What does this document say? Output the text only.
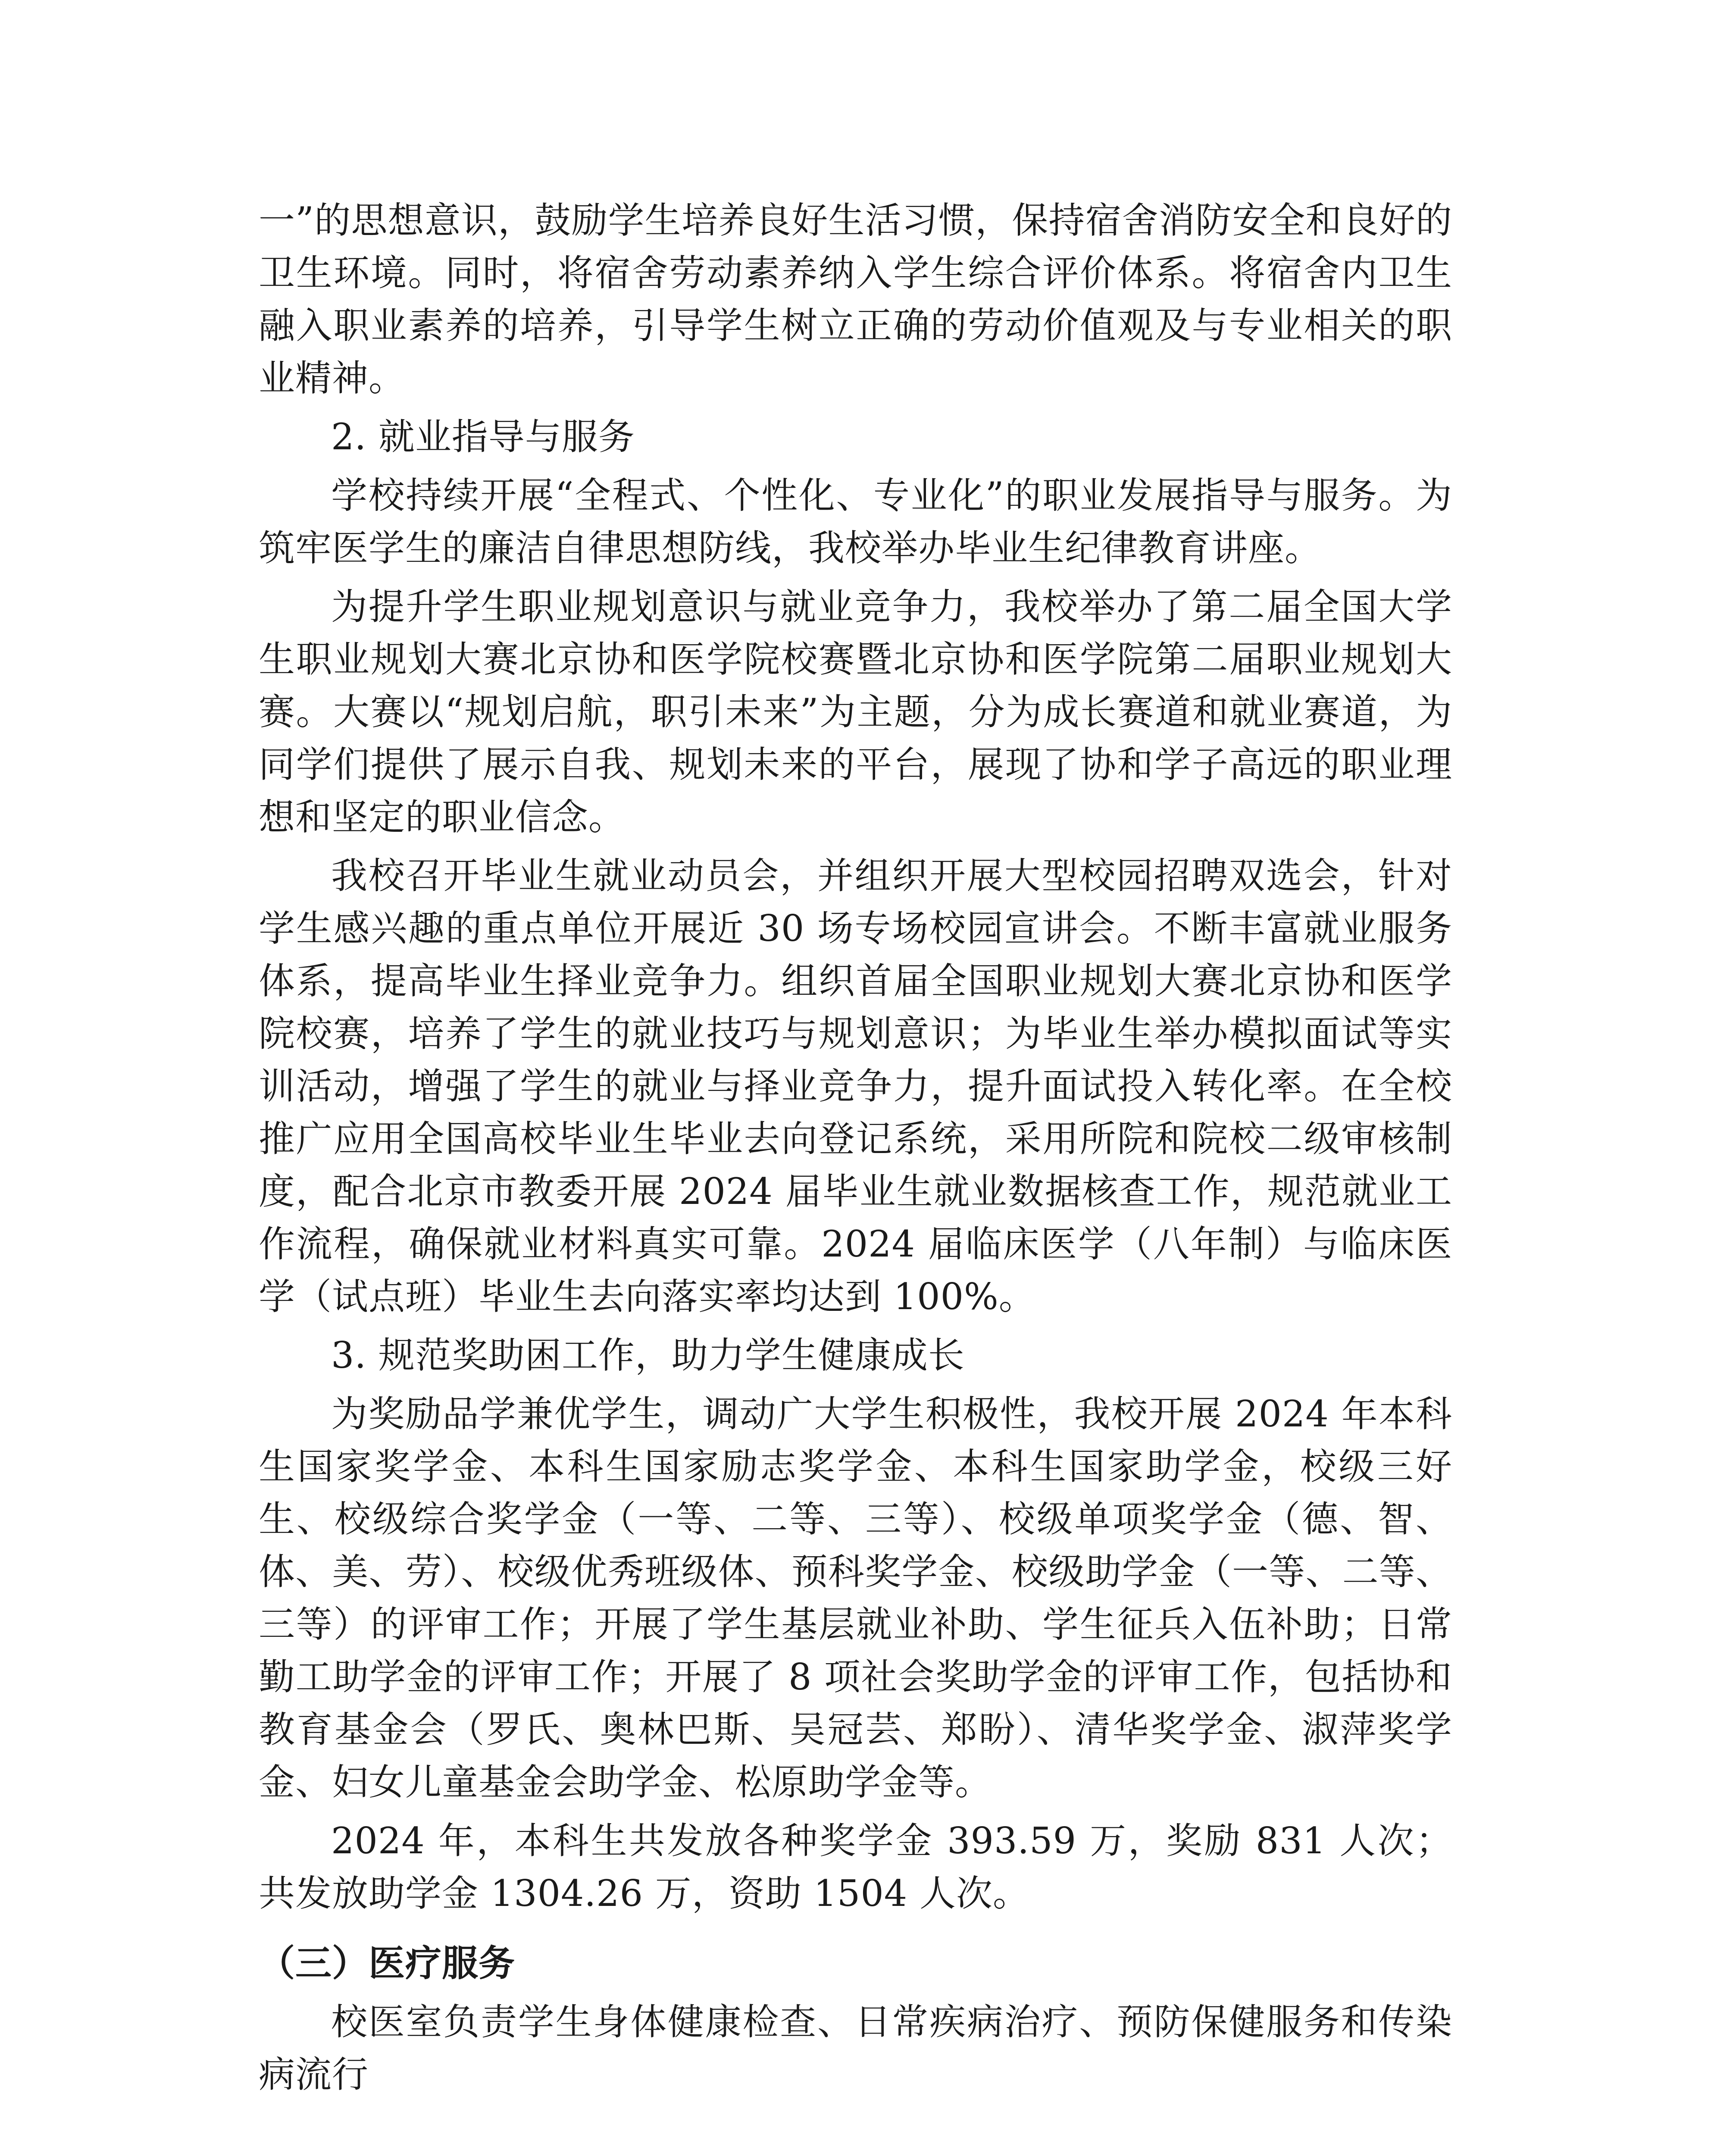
一”的思想意识，鼓励学生培养良好生活习惯，保持宿舍消防安全和良好的卫生环境。同时，将宿舍劳动素养纳入学生综合评价体系。将宿舍内卫生融入职业素养的培养，引导学生树立正确的劳动价值观及与专业相关的职业精神。

2. 就业指导与服务

学校持续开展“全程式、个性化、专业化”的职业发展指导与服务。为筑牢医学生的廉洁自律思想防线，我校举办毕业生纪律教育讲座。

为提升学生职业规划意识与就业竞争力，我校举办了第二届全国大学生职业规划大赛北京协和医学院校赛暨北京协和医学院第二届职业规划大赛。大赛以“规划启航，职引未来”为主题，分为成长赛道和就业赛道，为同学们提供了展示自我、规划未来的平台，展现了协和学子高远的职业理想和坚定的职业信念。

我校召开毕业生就业动员会，并组织开展大型校园招聘双选会，针对学生感兴趣的重点单位开展近 30 场专场校园宣讲会。不断丰富就业服务体系，提高毕业生择业竞争力。组织首届全国职业规划大赛北京协和医学院校赛，培养了学生的就业技巧与规划意识；为毕业生举办模拟面试等实训活动，增强了学生的就业与择业竞争力，提升面试投入转化率。在全校推广应用全国高校毕业生毕业去向登记系统，采用所院和院校二级审核制度，配合北京市教委开展 2024 届毕业生就业数据核查工作，规范就业工作流程，确保就业材料真实可靠。2024 届临床医学（八年制）与临床医学（试点班）毕业生去向落实率均达到 100%。

3. 规范奖助困工作，助力学生健康成长

为奖励品学兼优学生，调动广大学生积极性，我校开展 2024 年本科生国家奖学金、本科生国家励志奖学金、本科生国家助学金，校级三好生、校级综合奖学金（一等、二等、三等）、校级单项奖学金（德、智、体、美、劳）、校级优秀班级体、预科奖学金、校级助学金（一等、二等、三等）的评审工作；开展了学生基层就业补助、学生征兵入伍补助；日常勤工助学金的评审工作；开展了 8 项社会奖助学金的评审工作，包括协和教育基金会（罗氏、奥林巴斯、吴冠芸、郑盼）、清华奖学金、淑萍奖学金、妇女儿童基金会助学金、松原助学金等。

2024 年，本科生共发放各种奖学金 393.59 万，奖励 831 人次；共发放助学金 1304.26 万，资助 1504 人次。

（三）医疗服务

校医室负责学生身体健康检查、日常疾病治疗、预防保健服务和传染病流行
